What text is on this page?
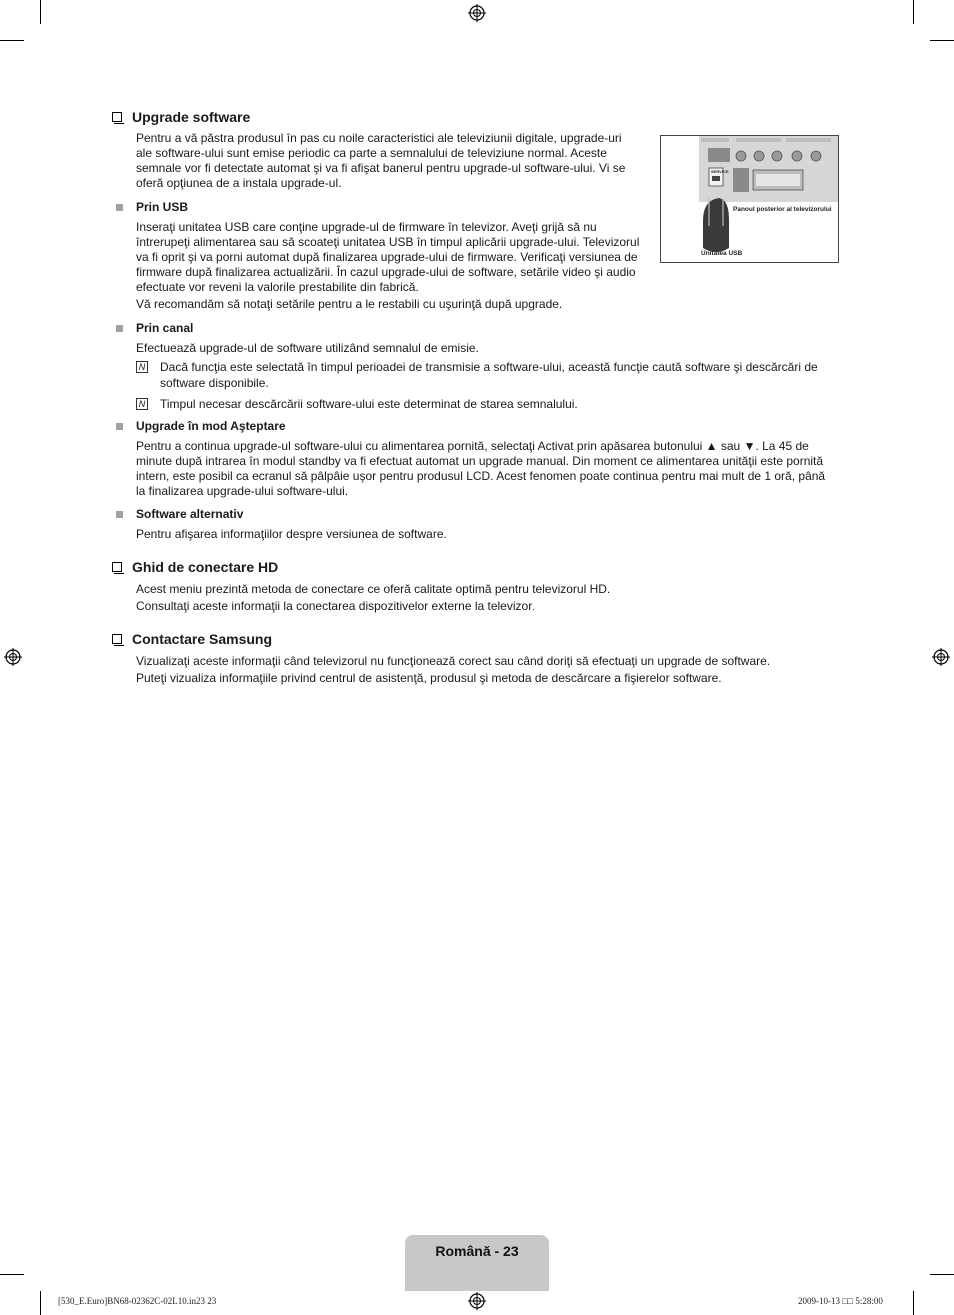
Upgrade software
Pentru a vă păstra produsul în pas cu noile caracteristici ale televiziunii digitale, upgrade-uri
ale software-ului sunt emise periodic ca parte a semnalului de televiziune normal. Aceste
semnale vor fi detectate automat şi va fi afişat banerul pentru upgrade-ul software-ului. Vi se
oferă opţiunea de a instala upgrade-ul.
SERVICE
Panoul posterior al televizorului
Unitatea USB
Prin USB
Inseraţi unitatea USB care conţine upgrade-ul de firmware în televizor. Aveţi grijă să nu
întrerupeţi alimentarea sau să scoateţi unitatea USB în timpul aplicării upgrade-ului. Televizorul
va fi oprit şi va porni automat după finalizarea upgrade-ului de firmware. Verificaţi versiunea de
firmware după finalizarea actualizării. În cazul upgrade-ului de software, setările video şi audio
efectuate vor reveni la valorile prestabilite din fabrică.
Vă recomandăm să notaţi setările pentru a le restabili cu uşurinţă după upgrade.
Prin canal
Efectuează upgrade-ul de software utilizând semnalul de emisie.
N Dacă funcţia este selectată în timpul perioadei de transmisie a software-ului, această funcţie caută software şi descărcări de
software disponibile.
N Timpul necesar descărcării software-ului este determinat de starea semnalului.
Upgrade în mod Aşteptare
Pentru a continua upgrade-ul software-ului cu alimentarea pornită, selectaţi Activat prin apăsarea butonului ▲ sau ▼. La 45 de
minute după intrarea în modul standby va fi efectuat automat un upgrade manual. Din moment ce alimentarea unităţii este pornită
intern, este posibil ca ecranul să pâlpâie uşor pentru produsul LCD. Acest fenomen poate continua pentru mai mult de 1 oră, până
la finalizarea upgrade-ului software-ului.
Software alternativ
Pentru afişarea informaţiilor despre versiunea de software.
Ghid de conectare HD
Acest meniu prezintă metoda de conectare ce oferă calitate optimă pentru televizorul HD.
Consultaţi aceste informaţii la conectarea dispozitivelor externe la televizor.
Contactare Samsung
Vizualizaţi aceste informaţii când televizorul nu funcţionează corect sau când doriţi să efectuaţi un upgrade de software.
Puteţi vizualiza informaţiile privind centrul de asistenţă, produsul şi metoda de descărcare a fişierelor software.
Română - 23
[530_E.Euro]BN68-02362C-02L10.in23 23	2009-10-13 □□ 5:28:00
